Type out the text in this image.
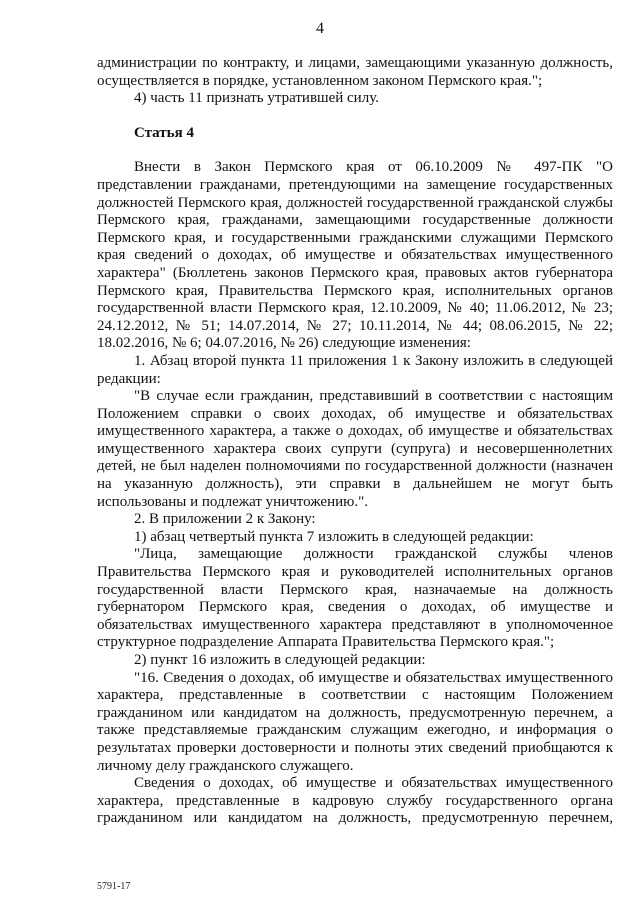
4

администрации по контракту, и лицами, замещающими указанную должность, осуществляется в порядке, установленном законом Пермского края.";

4) часть 11 признать утратившей силу.

Статья 4

Внести в Закон Пермского края от 06.10.2009 № 497-ПК "О представлении гражданами, претендующими на замещение государственных должностей Пермского края, должностей государственной гражданской службы Пермского края, гражданами, замещающими государственные должности Пермского края, и государственными гражданскими служащими Пермского края сведений о доходах, об имуществе и обязательствах имущественного характера" (Бюллетень законов Пермского края, правовых актов губернатора Пермского края, Правительства Пермского края, исполнительных органов государственной власти Пермского края, 12.10.2009, № 40; 11.06.2012, № 23; 24.12.2012, № 51; 14.07.2014, № 27; 10.11.2014, № 44; 08.06.2015, № 22; 18.02.2016, № 6; 04.07.2016, № 26) следующие изменения:

1. Абзац второй пункта 11 приложения 1 к Закону изложить в следующей редакции:

"В случае если гражданин, представивший в соответствии с настоящим Положением справки о своих доходах, об имуществе и обязательствах имущественного характера, а также о доходах, об имуществе и обязательствах имущественного характера своих супруги (супруга) и несовершеннолетних детей, не был наделен полномочиями по государственной должности (назначен на указанную должность), эти справки в дальнейшем не могут быть использованы и подлежат уничтожению.".

2. В приложении 2 к Закону:

1) абзац четвертый пункта 7 изложить в следующей редакции:

"Лица, замещающие должности гражданской службы членов Правительства Пермского края и руководителей исполнительных органов государственной власти Пермского края, назначаемые на должность губернатором Пермского края, сведения о доходах, об имуществе и обязательствах имущественного характера представляют в уполномоченное структурное подразделение Аппарата Правительства Пермского края.";

2) пункт 16 изложить в следующей редакции:

"16. Сведения о доходах, об имуществе и обязательствах имущественного характера, представленные в соответствии с настоящим Положением гражданином или кандидатом на должность, предусмотренную перечнем, а также представляемые гражданским служащим ежегодно, и информация о результатах проверки достоверности и полноты этих сведений приобщаются к личному делу гражданского служащего.

Сведения о доходах, об имуществе и обязательствах имущественного характера, представленные в кадровую службу государственного органа гражданином или кандидатом на должность, предусмотренную перечнем,

5791-17
